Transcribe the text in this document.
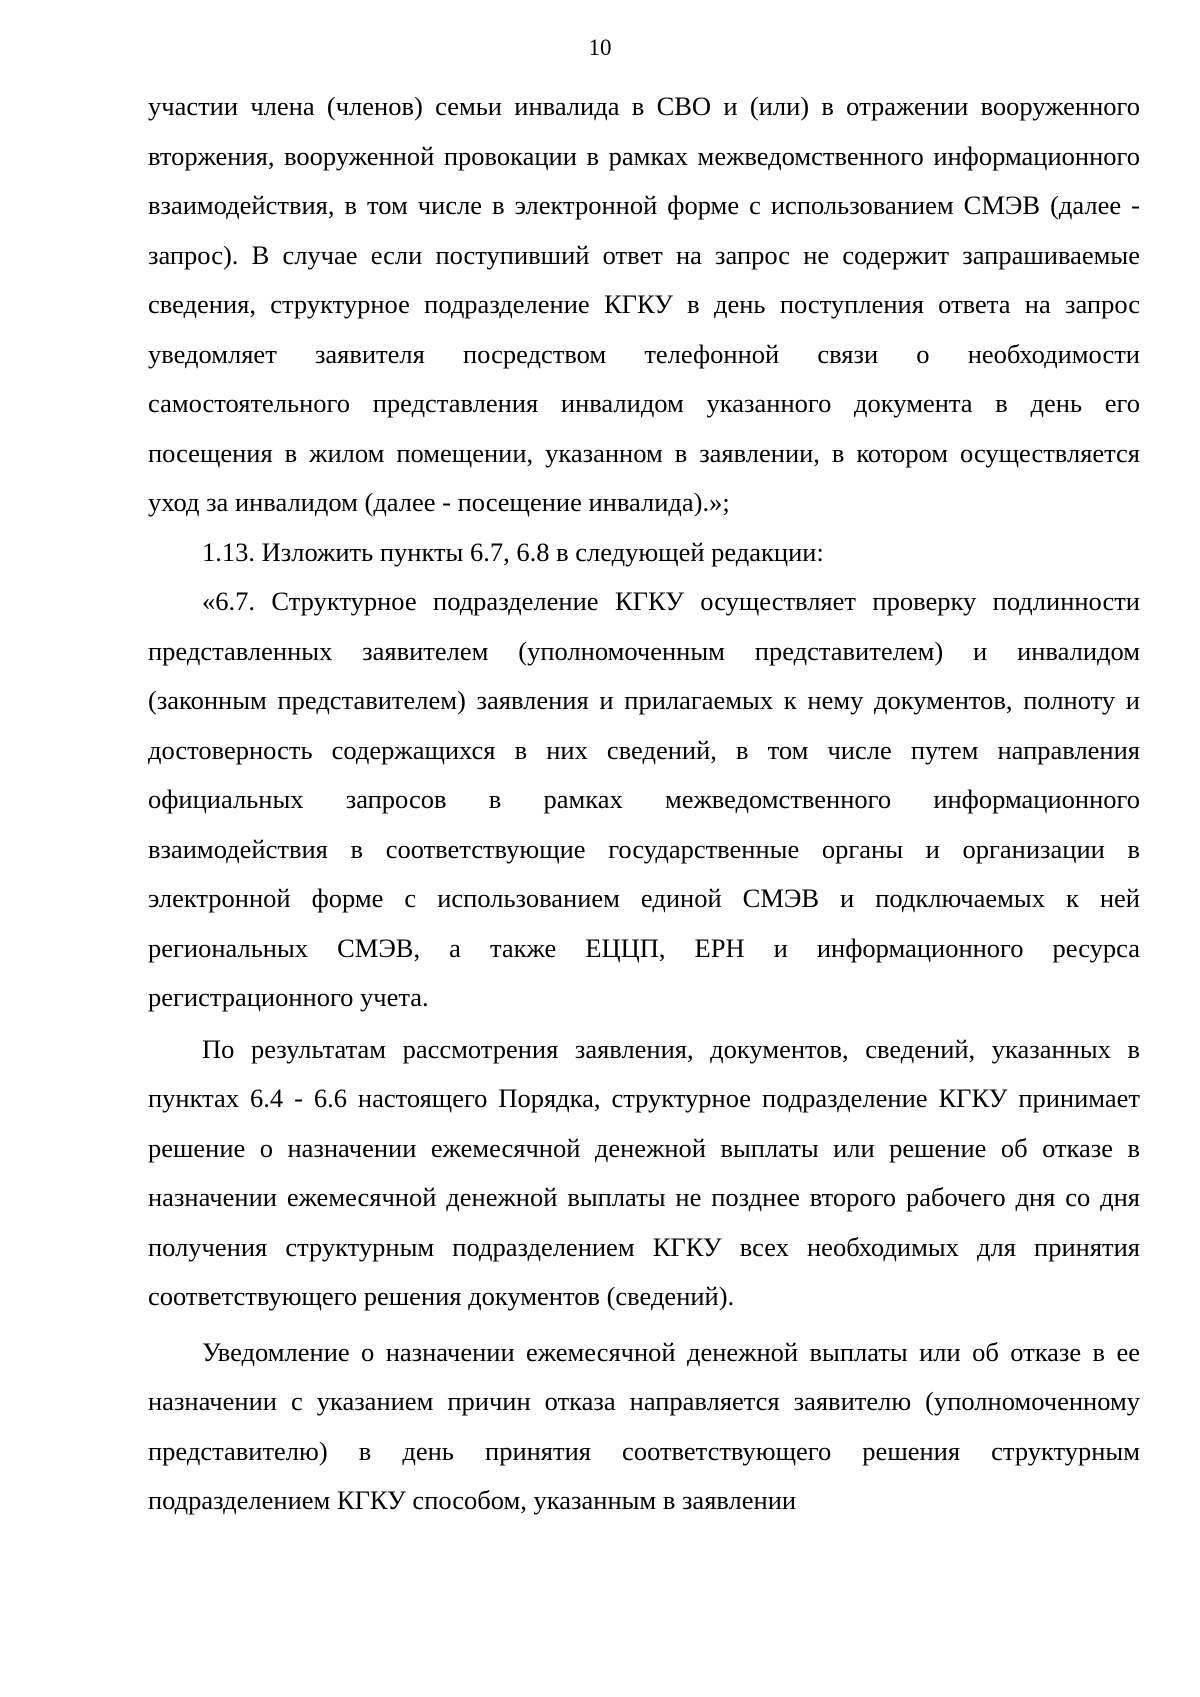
10

участии члена (членов) семьи инвалида в СВО и (или) в отражении вооруженного вторжения, вооруженной провокации в рамках межведомственного информационного взаимодействия, в том числе в электронной форме с использованием СМЭВ (далее - запрос). В случае если поступивший ответ на запрос не содержит запрашиваемые сведения, структурное подразделение КГКУ в день поступления ответа на запрос уведомляет заявителя посредством телефонной связи о необходимости самостоятельного представления инвалидом указанного документа в день его посещения в жилом помещении, указанном в заявлении, в котором осуществляется уход за инвалидом (далее - посещение инвалида).»;

1.13. Изложить пункты 6.7, 6.8 в следующей редакции:

«6.7. Структурное подразделение КГКУ осуществляет проверку подлинности представленных заявителем (уполномоченным представителем) и инвалидом (законным представителем) заявления и прилагаемых к нему документов, полноту и достоверность содержащихся в них сведений, в том числе путем направления официальных запросов в рамках межведомственного информационного взаимодействия в соответствующие государственные органы и организации в электронной форме с использованием единой СМЭВ и подключаемых к ней региональных СМЭВ, а также ЕЦЦП, ЕРН и информационного ресурса регистрационного учета.

По результатам рассмотрения заявления, документов, сведений, указанных в пунктах 6.4 - 6.6 настоящего Порядка, структурное подразделение КГКУ принимает решение о назначении ежемесячной денежной выплаты или решение об отказе в назначении ежемесячной денежной выплаты не позднее второго рабочего дня со дня получения структурным подразделением КГКУ всех необходимых для принятия соответствующего решения документов (сведений).

Уведомление о назначении ежемесячной денежной выплаты или об отказе в ее назначении с указанием причин отказа направляется заявителю (уполномоченному представителю) в день принятия соответствующего решения структурным подразделением КГКУ способом, указанным в заявлении
